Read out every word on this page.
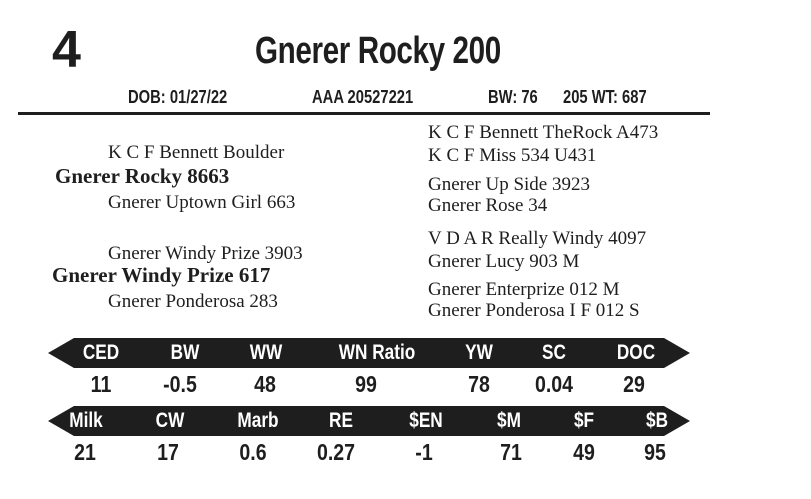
4	Gnerer Rocky 200
DOB: 01/27/22	AAA 20527221	BW: 76 205 WT: 687
K C F Bennett Boulder
Gnerer Rocky 8663
Gnerer Uptown Girl 663
Gnerer Windy Prize 3903
Gnerer Windy Prize 617
Gnerer Ponderosa 283
K C F Bennett TheRock A473
K C F Miss 534 U431
Gnerer Up Side 3923
Gnerer Rose 34
V D A R Really Windy 4097
Gnerer Lucy 903 M
Gnerer Enterprize 012 M
Gnerer Ponderosa I F 012 S
CED BW WW	WN Ratio YW SC DOC
11 -0.5 48	99	78 0.04 29
Milk	CW	Marb RE	$EN	$M	$F $B
21	17	0.6 0.27	-1	71 49 95
